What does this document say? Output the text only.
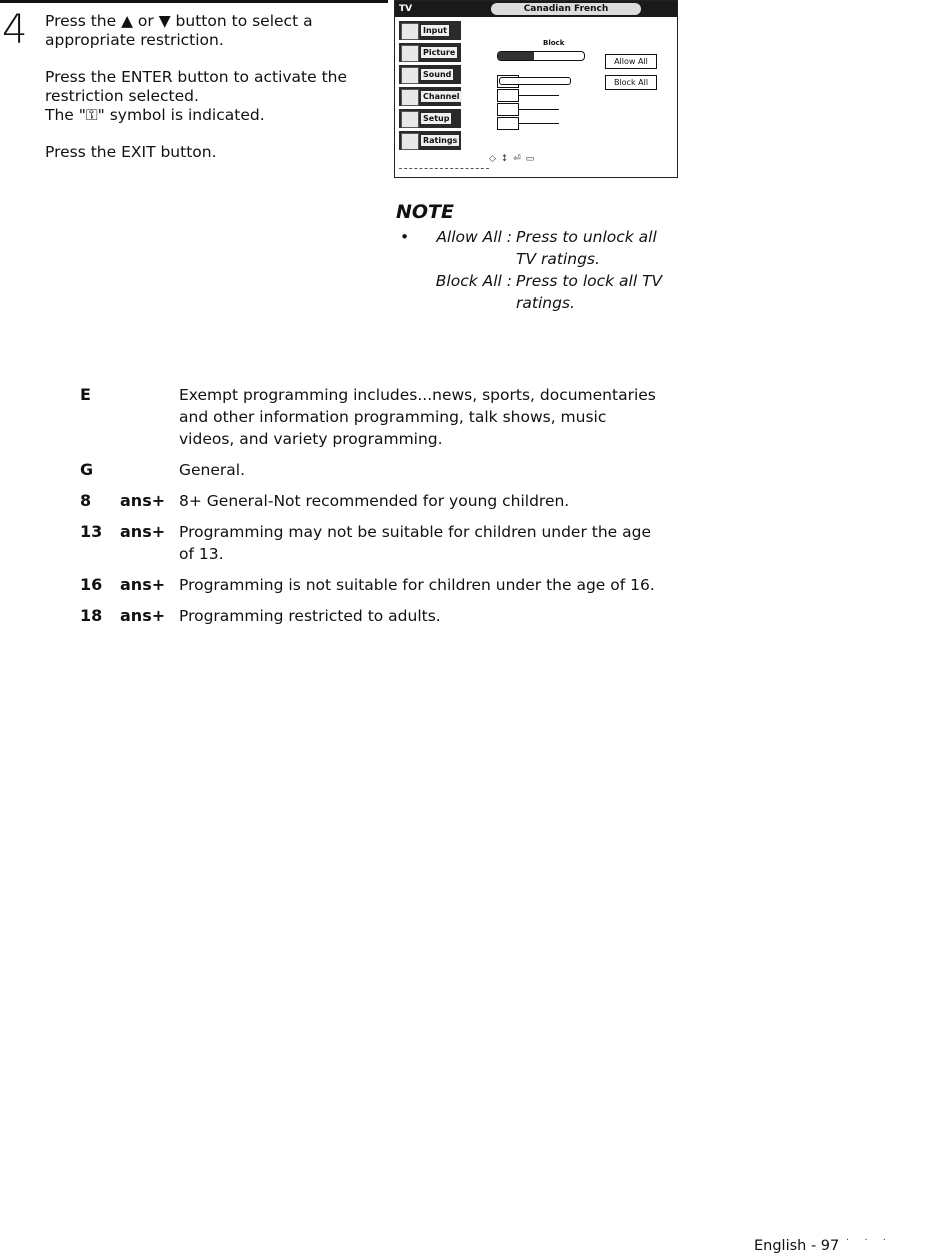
4 Press the ▲ or ▼ button to select a appropriate restriction.

Press the ENTER button to activate the restriction selected.

The "⚿" symbol is indicated.

Press the EXIT button.

TV	Canadian French
Input
Picture
Sound
Channel
Setup
Ratings
Block
Allow All
Block All
◇ ↕ ⏎ ▭
NOTE
•	Allow All : Press to unlock all TV ratings.
Block All : Press to lock all TV ratings.
E	Exempt programming includes...news, sports, documentaries and other information programming, talk shows, music videos, and variety programming.
G	General.
8	ans+ 8+ General-Not recommended for young children.
13	ans+ Programming may not be suitable for children under the age of 13.
16	ans+ Programming is not suitable for children under the age of 16.
18	ans+ Programming restricted to adults.
English - 97 · · ·
